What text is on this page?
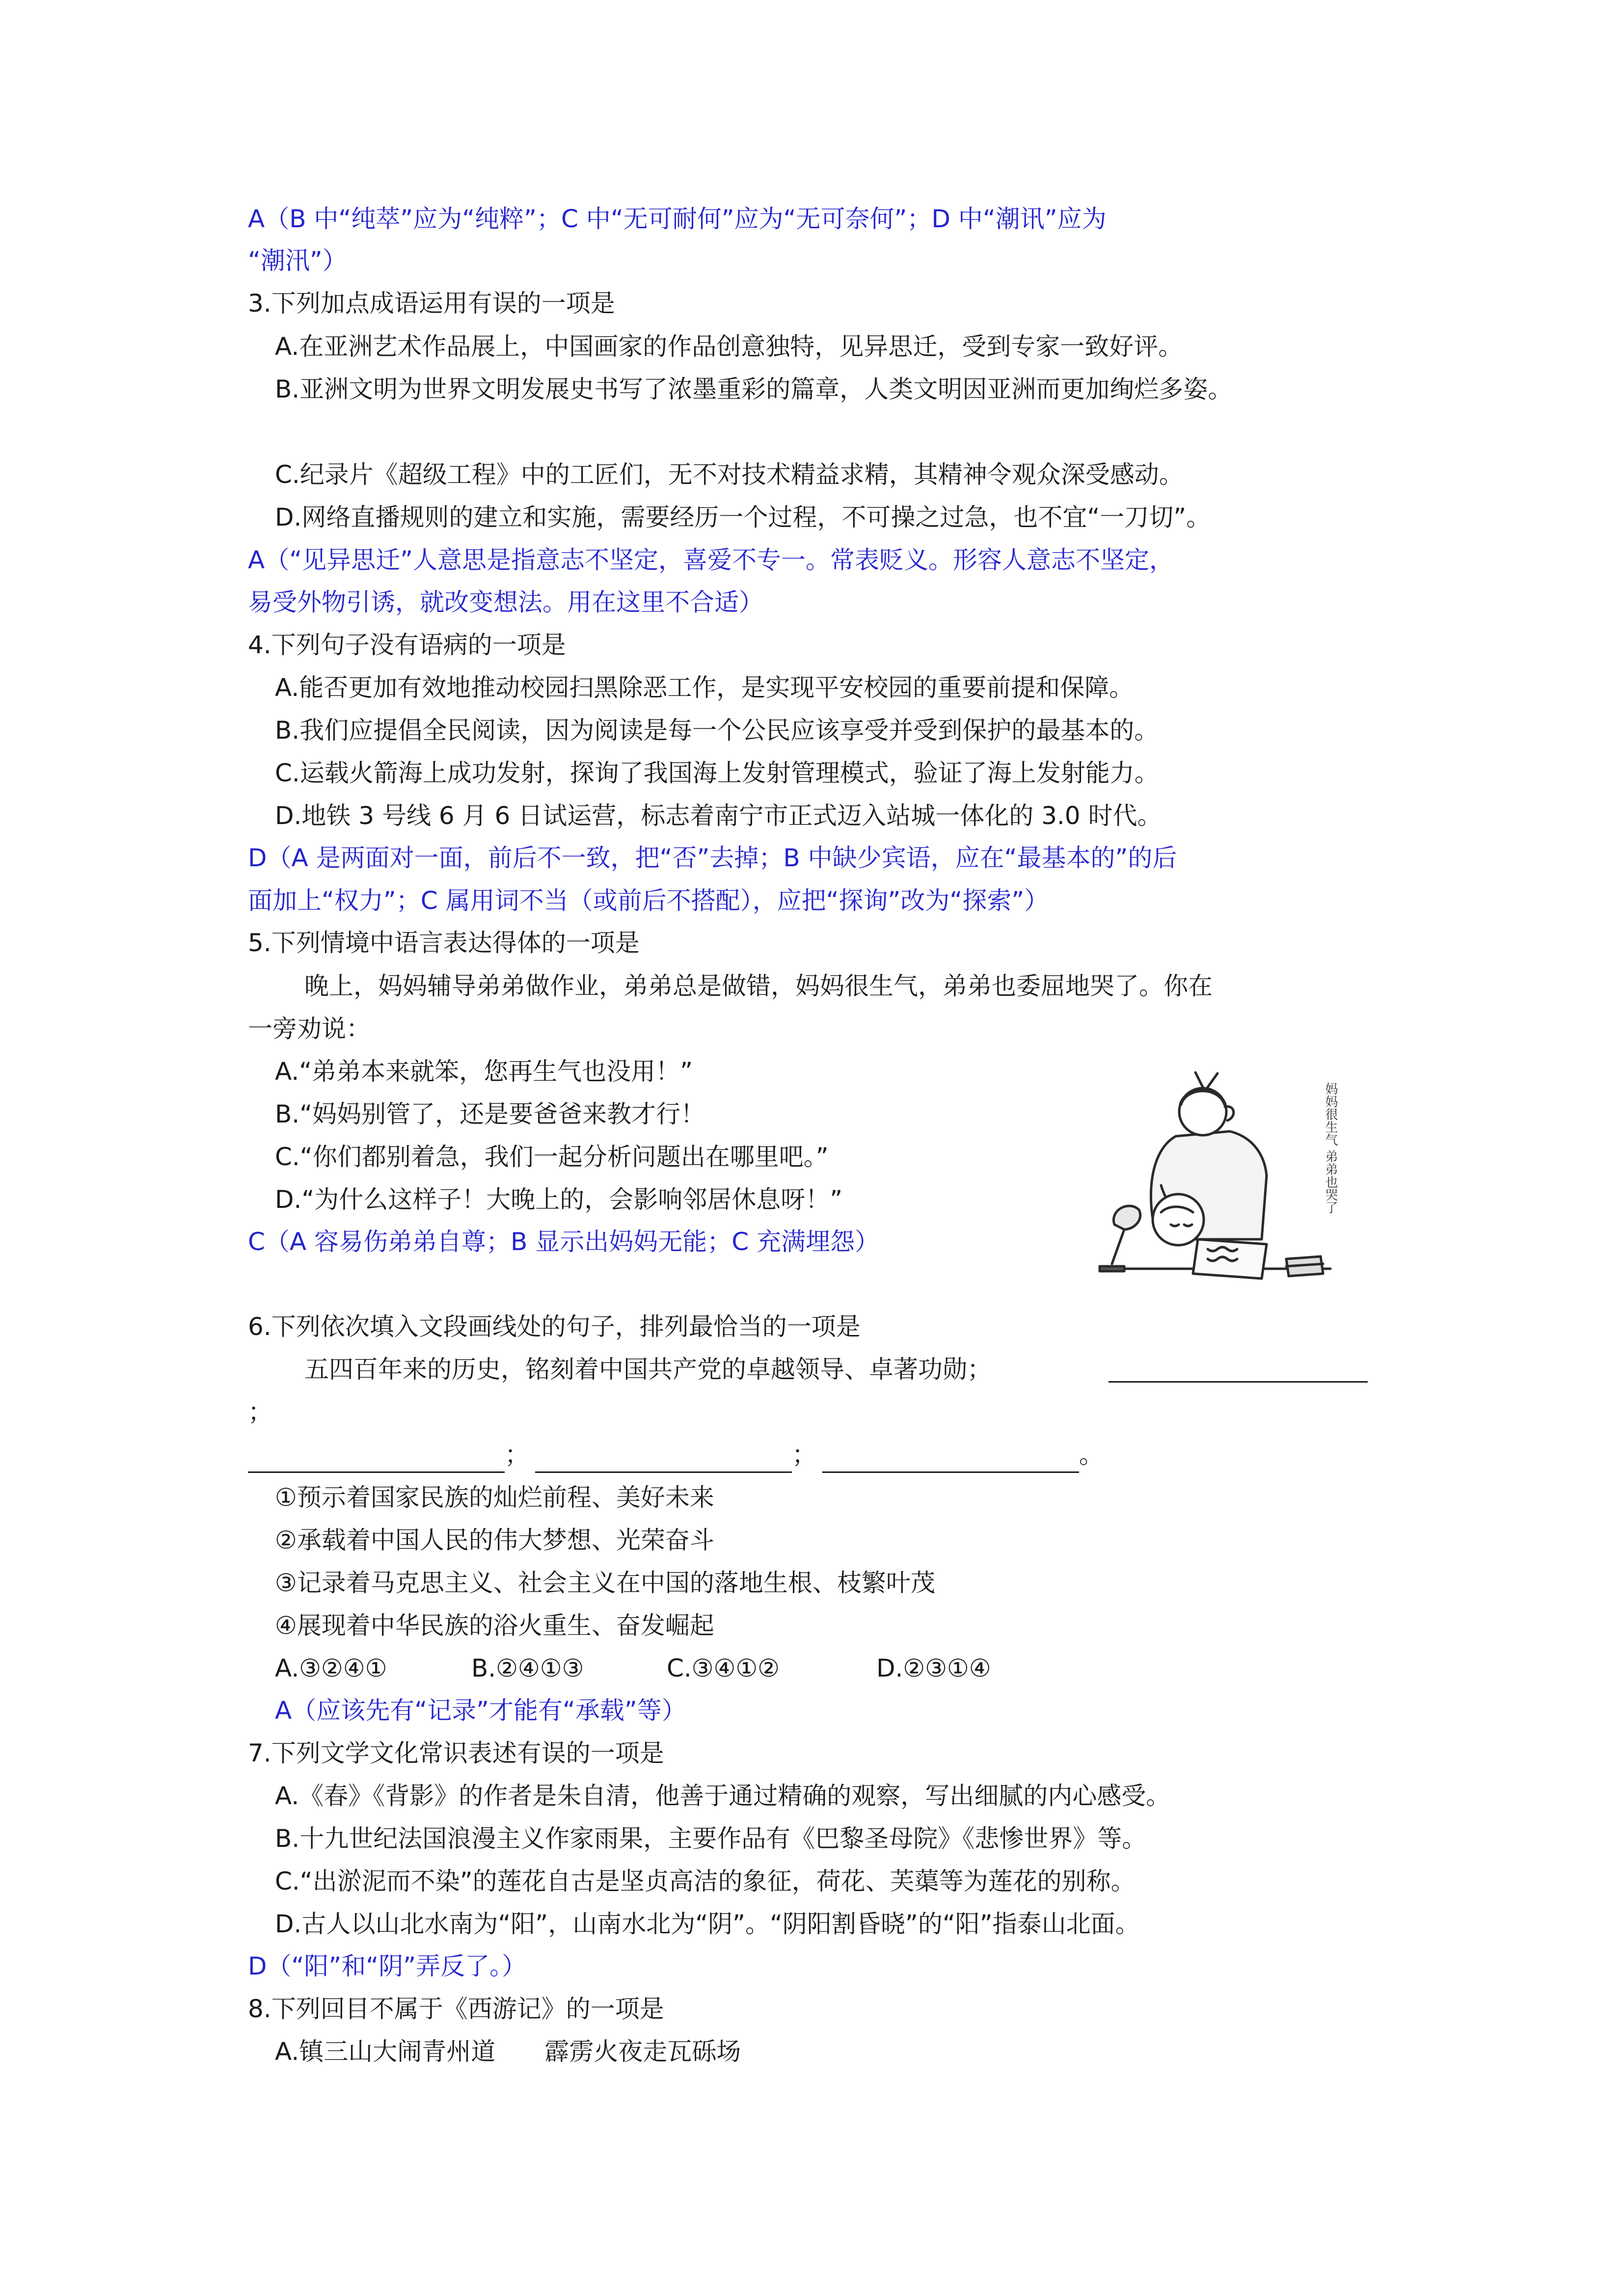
A（B 中“纯萃”应为“纯粹”；C 中“无可耐何”应为“无可奈何”；D 中“潮讯”应为
“潮汛”）
3.下列加点成语运用有误的一项是
A.在亚洲艺术作品展上，中国画家的作品创意独特，见异思迁，受到专家一致好评。
B.亚洲文明为世界文明发展史书写了浓墨重彩的篇章，人类文明因亚洲而更加绚烂多姿。
C.纪录片《超级工程》中的工匠们，无不对技术精益求精，其精神令观众深受感动。
D.网络直播规则的建立和实施，需要经历一个过程，不可操之过急，也不宜“一刀切”。
A（“见异思迁”人意思是指意志不坚定，喜爱不专一。常表贬义。形容人意志不坚定，
易受外物引诱，就改变想法。用在这里不合适）
4.下列句子没有语病的一项是
A.能否更加有效地推动校园扫黑除恶工作，是实现平安校园的重要前提和保障。
B.我们应提倡全民阅读，因为阅读是每一个公民应该享受并受到保护的最基本的。
C.运载火箭海上成功发射，探询了我国海上发射管理模式，验证了海上发射能力。
D.地铁 3 号线 6 月 6 日试运营，标志着南宁市正式迈入站城一体化的 3.0 时代。
D（A 是两面对一面，前后不一致，把“否”去掉；B 中缺少宾语，应在“最基本的”的后
面加上“权力”；C 属用词不当（或前后不搭配），应把“探询”改为“探索”）
5.下列情境中语言表达得体的一项是
晚上，妈妈辅导弟弟做作业，弟弟总是做错，妈妈很生气，弟弟也委屈地哭了。你在
一旁劝说：
A.“弟弟本来就笨，您再生气也没用！”
B.“妈妈别管了，还是要爸爸来教才行！
C.“你们都别着急，我们一起分析问题出在哪里吧。”
D.“为什么这样子！大晚上的，会影响邻居休息呀！”
C（A 容易伤弟弟自尊；B 显示出妈妈无能；C 充满埋怨）
妈妈很生气 弟弟也哭了
6.下列依次填入文段画线处的句子，排列最恰当的一项是
五四百年来的历史，铭刻着中国共产党的卓越领导、卓著功勋；
；
；	；	。
①预示着国家民族的灿烂前程、美好未来
②承载着中国人民的伟大梦想、光荣奋斗
③记录着马克思主义、社会主义在中国的落地生根、枝繁叶茂
④展现着中华民族的浴火重生、奋发崛起
A.③②④①	B.②④①③	C.③④①②	D.②③①④
A（应该先有“记录”才能有“承载”等）
7.下列文学文化常识表述有误的一项是
A.《春》《背影》的作者是朱自清，他善于通过精确的观察，写出细腻的内心感受。
B.十九世纪法国浪漫主义作家雨果，主要作品有《巴黎圣母院》《悲惨世界》等。
C.“出淤泥而不染”的莲花自古是坚贞高洁的象征，荷花、芙蕖等为莲花的别称。
D.古人以山北水南为“阳”，山南水北为“阴”。“阴阳割昏晓”的“阳”指泰山北面。
D（“阳”和“阴”弄反了。）
8.下列回目不属于《西游记》的一项是
A.镇三山大闹青州道　　霹雳火夜走瓦砾场
